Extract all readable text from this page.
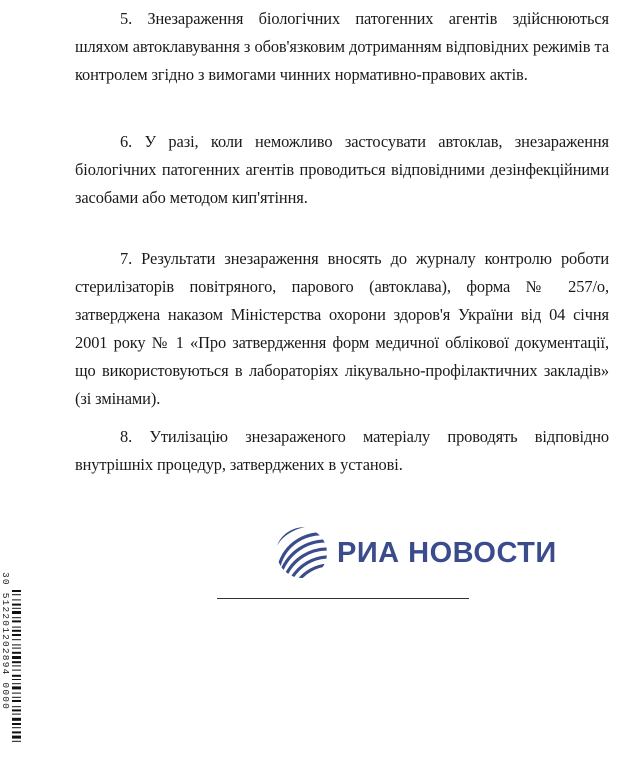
5. Знезараження біологічних патогенних агентів здійснюються шляхом автоклавування з обов'язковим дотриманням відповідних режимів та контролем згідно з вимогами чинних нормативно-правових актів.

6. У разі, коли неможливо застосувати автоклав, знезараження біологічних патогенних агентів проводиться відповідними дезінфекційними засобами або методом кип'ятіння.

7. Результати знезараження вносять до журналу контролю роботи стерилізаторів повітряного, парового (автоклава), форма № 257/о, затверджена наказом Міністерства охорони здоров'я України від 04 січня 2001 року № 1 «Про затвердження форм медичної облікової документації, що використовуються в лабораторіях лікувально-профілактичних закладів» (зі змінами).

8. Утилізацію знезараженого матеріалу проводять відповідно внутрішніх процедур, затверджених в установі.

РИА НОВОСТИ
30 512201202894 0000
